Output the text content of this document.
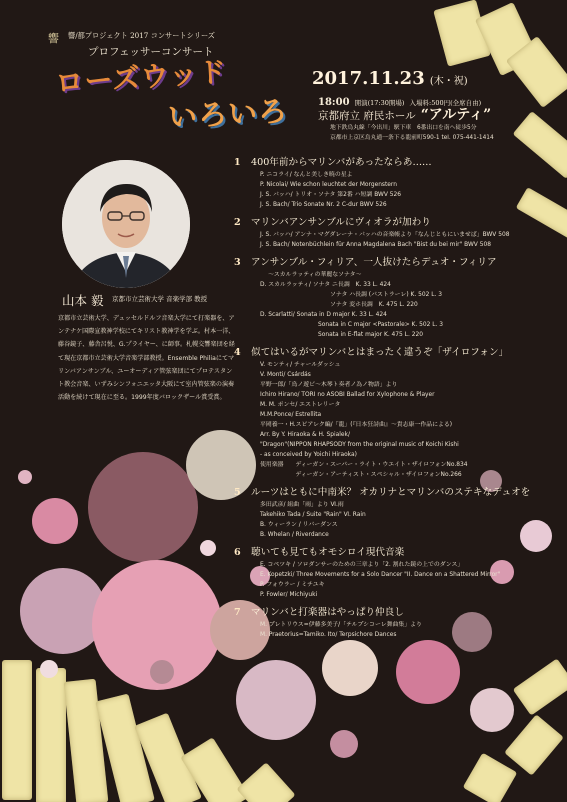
響 響/都プロジェクト 2017 コンサートシリーズ
プロフェッサーコンサート
ローズウッド
いろいろ
2017.11.23 (木・祝)
18:00 開演(17:30開場) 入場料:500円(全席自由)
京都府立 府民ホール “アルティ”
地下鉄烏丸線「今出川」駅下車　6番出口を南へ徒歩5分
京都市上京区烏丸通一条下る龍前町590-1 tel. 075-441-1414
山本 毅 京都市立芸術大学 音楽学部 教授

京都市立芸術大学、デュッセルドルフ音楽大学にて打楽器を、アンテナケ国際宣教神学校にてキリスト教神学を学ぶ。村本一洋、藤谷鏡子、藤舎呂悦、G.プライヤー、に師事。札幌交響楽団を経て現在京都市立芸術大学音楽学部教授。Ensemble Philiaにてマリンバアンサンブル、ユーオーディア管弦楽団にてプロテスタント教会音楽、いずみシンフォニエッタ大阪にて室内管弦楽の演奏活動を続けて現在に至る。1999年度バロックザール賞受賞。

1	400年前からマリンバがあったならあ……
P. ニコライ/ なんと美しき暁の星よ
P. Nicolai/ Wie schon leuchtet der Morgenstern
J. S. バッハ/ トリオ・ソナタ 第2番 ハ短調 BWV 526
J. S. Bach/ Trio Sonate Nr. 2 C-dur BWV 526
2	マリンバアンサンブルにヴィオラが加わり
J. S. バッハ/ アンナ・マグダレーナ・バッハの音楽帳より「なんじともにいませば」BWV 508
J. S. Bach/ Notenbüchlein für Anna Magdalena Bach "Bist du bei mir" BWV 508
3	アンサンブル・フィリア、一人抜けたらデュオ・フィリア
～スカルラッティの華麗なソナタ～
D. スカルラッティ/ ソナタ ニ長調　K. 33 L. 424
ソナタ ハ長調 (パストラーレ) K. 502 L. 3
ソナタ 変ホ長調　K. 475 L. 220
D. Scarlatti/ Sonata in D major K. 33 L. 424
Sonata in C major <Pastorale> K. 502 L. 3
Sonata in E-flat major K. 475 L. 220
4	似てはいるがマリンバとはまったく違うぞ「ザイロフォン」
V. モンティ/ チャールダッシュ
V. Monti/ Csárdás
平野一郎/「鳥ノ遊ビ～木琴ト奏者ノ為ノ物語」より
Ichiro Hirano/ TORI no ASOBI Ballad for Xylophone & Player
M. M. ポンセ/ エストレリータ
M.M.Ponce/ Estrellita
平岡養一・H.スピアレク編/「龍」(『日本狂詩曲』～貴志康一作品による)
Arr. By Y. Hiraoka & H. Spialek/
"Dragon"(NIPPON RHAPSODY from the original music of Koichi Kishi
- as conceived by Yoichi Hiraoka)
使用楽器　　ディーガン・スーパー・ライト・ウエイト・ザイロフォンNo.834
　　　　　　ディーガン・アーティスト・スペシャル・ザイロフォンNo.266
5	ルーツはともに中南米？ オカリナとマリンバのステキなデュオを
多田武彦/ 組曲「雨」より Ⅵ.雨
Takehiko Tada / Suite "Rain" Ⅵ. Rain
B. ウィーラン / リバーダンス
B. Whelan / Riverdance
6	聴いても見てもオモシロイ現代音楽
E. コペツキ / ソロダンサーのための三章より「2. 割れた鏡の上でのダンス」
E. Kopetzki/ Three Movements for a Solo Dancer "II. Dance on a Shattered Mirror"
P. フォウラー / ミチユキ
P. Fowler/ Michiyuki
7	マリンバと打楽器はやっぱり仲良し
M. プレトリウス=伊藤多美子/「テルプシコーレ舞曲集」より
M. Praetorius=Tamiko. Ito/ Terpsichore Dances
